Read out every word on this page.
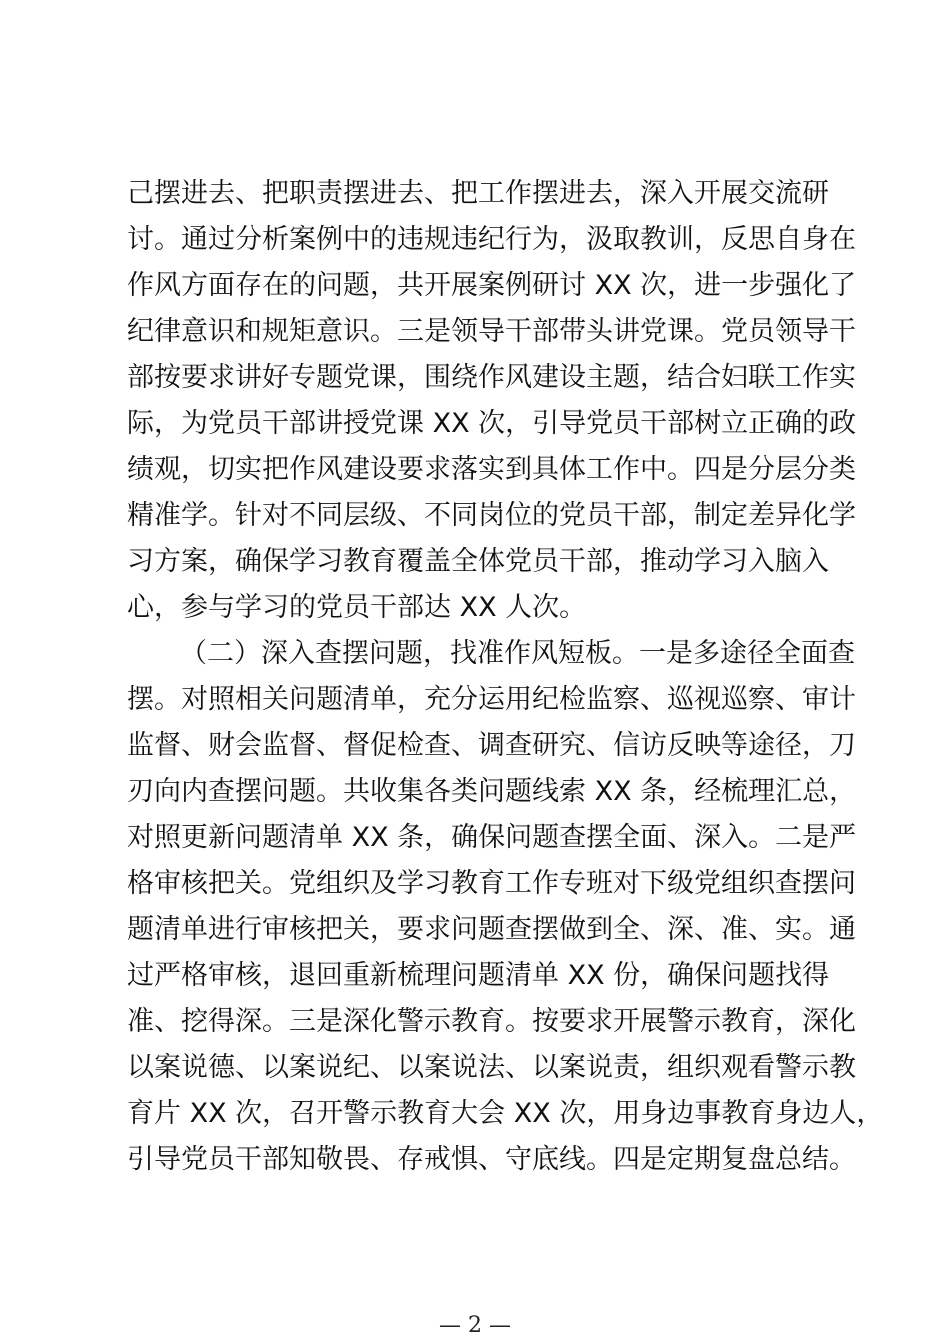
己摆进去、把职责摆进去、把工作摆进去，深入开展交流研
讨。通过分析案例中的违规违纪行为，汲取教训，反思自身在
作风方面存在的问题，共开展案例研讨 XX 次，进一步强化了
纪律意识和规矩意识。三是领导干部带头讲党课。党员领导干
部按要求讲好专题党课，围绕作风建设主题，结合妇联工作实
际，为党员干部讲授党课 XX 次，引导党员干部树立正确的政
绩观，切实把作风建设要求落实到具体工作中。四是分层分类
精准学。针对不同层级、不同岗位的党员干部，制定差异化学
习方案，确保学习教育覆盖全体党员干部，推动学习入脑入
心，参与学习的党员干部达 XX 人次。
（二）深入查摆问题，找准作风短板。一是多途径全面查
摆。对照相关问题清单，充分运用纪检监察、巡视巡察、审计
监督、财会监督、督促检查、调查研究、信访反映等途径，刀
刃向内查摆问题。共收集各类问题线索 XX 条，经梳理汇总，
对照更新问题清单 XX 条，确保问题查摆全面、深入。二是严
格审核把关。党组织及学习教育工作专班对下级党组织查摆问
题清单进行审核把关，要求问题查摆做到全、深、准、实。通
过严格审核，退回重新梳理问题清单 XX 份，确保问题找得
准、挖得深。三是深化警示教育。按要求开展警示教育，深化
以案说德、以案说纪、以案说法、以案说责，组织观看警示教
育片 XX 次，召开警示教育大会 XX 次，用身边事教育身边人，
引导党员干部知敬畏、存戒惧、守底线。四是定期复盘总结。
— 2 —
